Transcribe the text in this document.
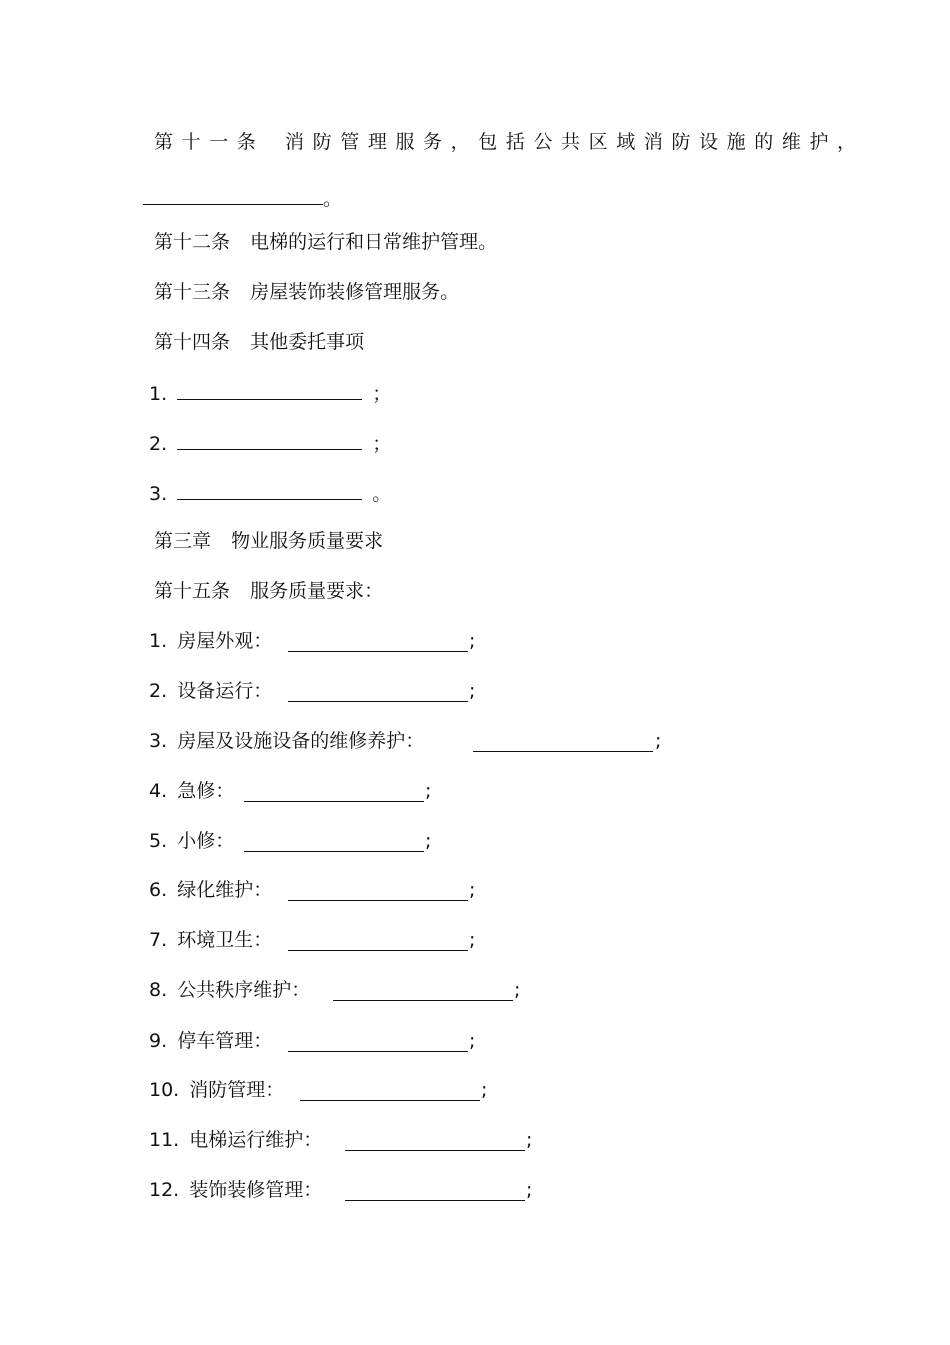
第十一条 消防管理服务，包括公共区域消防设施的维护，
。
第十二条 电梯的运行和日常维护管理。
第十三条 房屋装饰装修管理服务。
第十四条 其他委托事项
1.	；
2.	；
3.	。
第三章 物业服务质量要求
第十五条 服务质量要求：
1. 房屋外观：	;
2. 设备运行：	;
3. 房屋及设施设备的维修养护：	;
4. 急修：	;
5. 小修：	;
6. 绿化维护：	;
7. 环境卫生：	;
8. 公共秩序维护：	;
9. 停车管理：	;
10. 消防管理：	;
11. 电梯运行维护：	;
12. 装饰装修管理：	;
